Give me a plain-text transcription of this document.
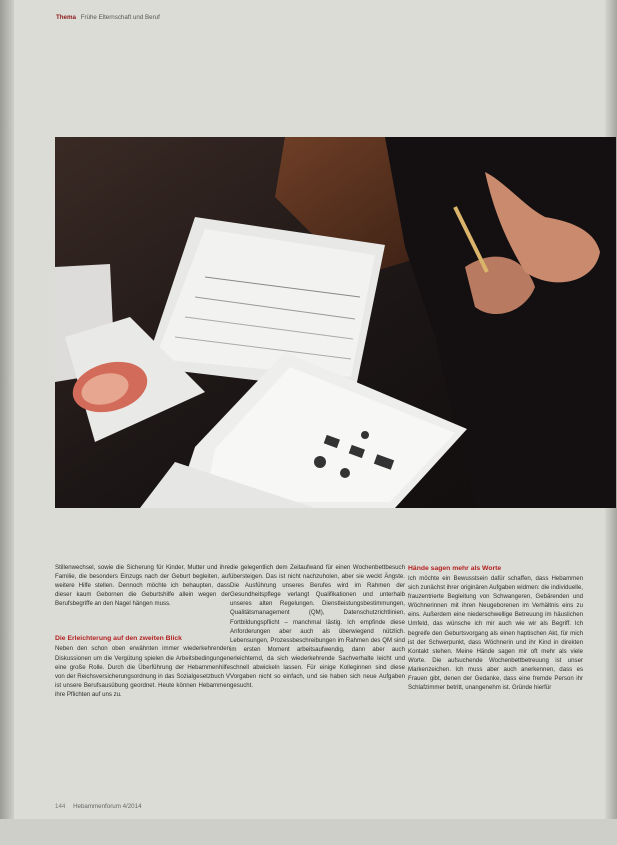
Thema Frühe Elternschaft und Beruf

Stillenwechsel, sowie die Sicherung für Kinder, Mutter und ihre Familie, die besonders Einzugs nach der Geburt begleiten, auf weitere Hilfe stellen. Dennoch möchte ich behaupten, dass dieser kaum Gebornen die Geburtshilfe allein wegen der Berufsbegriffe an den Nagel hängen muss.

Die Erleichterung auf den zweiten Blick

Neben den schon oben erwähnten immer wiederkehrenden Diskussionen um die Vergütung spielen die Arbeitsbedingungen eine große Rolle. Durch die Überführung der Hebammenhilfe von der Reichsversicherungsordnung in das Sozialgesetzbuch V ist unsere Berufsausübung geordnet. Heute können Hebammen ihre Pflichten auf uns zu.

die gelegentlich dem Zeitaufwand für einen Wochenbettbesuch übersteigen. Das ist nicht nachzuholen, aber sie weckt Ängste. Die Ausführung unseres Berufes wird im Rahmen der Gesundheitspflege verlangt Qualifikationen und unterhalb unseres alten Regelungen. Dienstleistungsbestimmungen, Qualitätsmanagement (QM), Datenschutzrichtlinien, Fortbildungspflicht – manchmal lästig. Ich empfinde diese Anforderungen aber auch als überwiegend nützlich. Lebensungen, Prozessbeschreibungen im Rahmen des QM sind im ersten Moment arbeitsaufwendig, dann aber auch erleichternd, da sich wiederkehrende Sachverhalte leicht und schnell abwickeln lassen. Für einige Kolleginnen sind diese Vorgaben nicht so einfach, und sie haben sich neue Aufgaben gesucht.

Hände sagen mehr als Worte

Ich möchte ein Bewusstsein dafür schaffen, dass Hebammen sich zunächst ihrer originären Aufgaben widmen: die individuelle, frauzentrierte Begleitung von Schwangeren, Gebärenden und Wöchnerinnen mit ihren Neugeborenen im Verhältnis eins zu eins. Außerdem eine niederschwellige Betreuung im häuslichen Umfeld, das wünsche ich mir auch wie wir als Begriff. Ich begreife den Geburtsvorgang als einen haptischen Akt, für mich ist der Schwerpunkt, dass Wöchnerin und ihr Kind in direkten Kontakt stehen. Meine Hände sagen mir oft mehr als viele Worte. Die aufsuchende Wochenbettbetreuung ist unser Markenzeichen. Ich muss aber auch anerkennen, dass es Frauen gibt, denen der Gedanke, dass eine fremde Person ihr Schlafzimmer betritt, unangenehm ist. Gründe hierfür

144 Hebammenforum 4/2014
